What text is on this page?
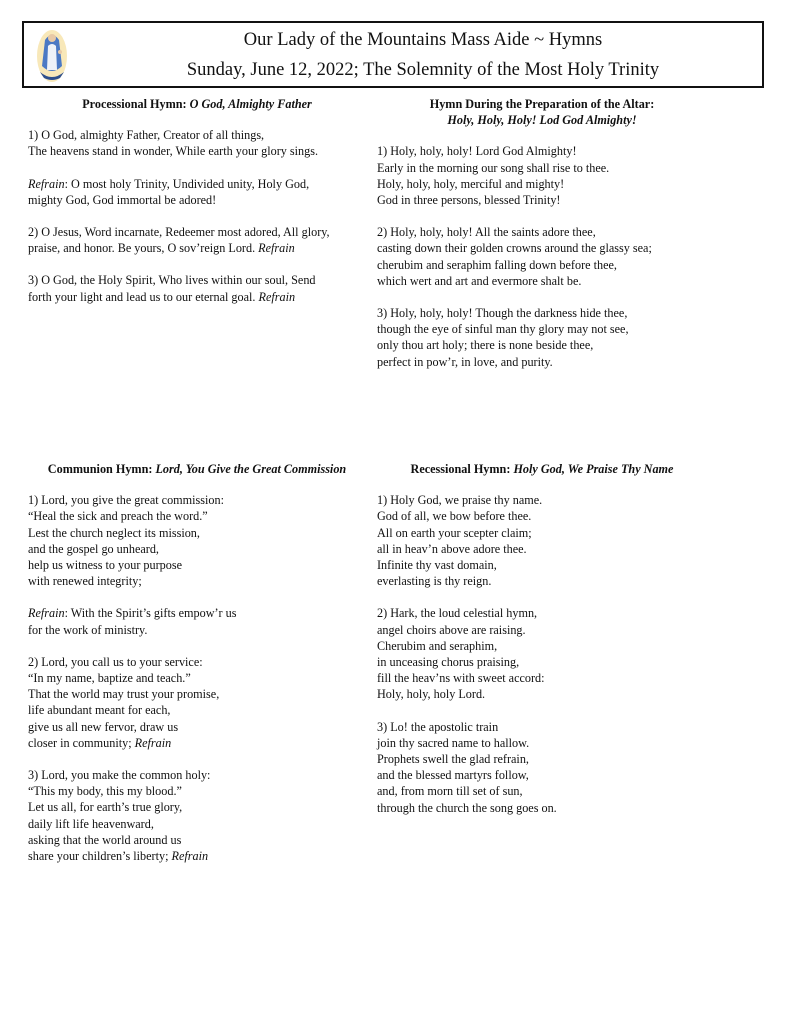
Our Lady of the Mountains Mass Aide ~ Hymns
Sunday, June 12, 2022; The Solemnity of the Most Holy Trinity
Processional Hymn: O God, Almighty Father

1) O God, almighty Father, Creator of all things,
The heavens stand in wonder, While earth your glory sings.

Refrain: O most holy Trinity, Undivided unity, Holy God,
mighty God, God immortal be adored!

2) O Jesus, Word incarnate, Redeemer most adored, All glory,
praise, and honor. Be yours, O sov’reign Lord. Refrain

3) O God, the Holy Spirit, Who lives within our soul, Send
forth your light and lead us to our eternal goal. Refrain

Hymn During the Preparation of the Altar:
Holy, Holy, Holy! Lod God Almighty!

1) Holy, holy, holy! Lord God Almighty!
Early in the morning our song shall rise to thee.
Holy, holy, holy, merciful and mighty!
God in three persons, blessed Trinity!

2) Holy, holy, holy! All the saints adore thee,
casting down their golden crowns around the glassy sea;
cherubim and seraphim falling down before thee,
which wert and art and evermore shalt be.

3) Holy, holy, holy! Though the darkness hide thee,
though the eye of sinful man thy glory may not see,
only thou art holy; there is none beside thee,
perfect in pow’r, in love, and purity.

Communion Hymn: Lord, You Give the Great Commission

1) Lord, you give the great commission:
“Heal the sick and preach the word.”
Lest the church neglect its mission,
and the gospel go unheard,
help us witness to your purpose
with renewed integrity;

Refrain: With the Spirit’s gifts empow’r us
for the work of ministry.

2) Lord, you call us to your service:
“In my name, baptize and teach.”
That the world may trust your promise,
life abundant meant for each,
give us all new fervor, draw us
closer in community; Refrain

3) Lord, you make the common holy:
“This my body, this my blood.”
Let us all, for earth’s true glory,
daily lift life heavenward,
asking that the world around us
share your children’s liberty; Refrain

Recessional Hymn: Holy God, We Praise Thy Name

1) Holy God, we praise thy name.
God of all, we bow before thee.
All on earth your scepter claim;
all in heav’n above adore thee.
Infinite thy vast domain,
everlasting is thy reign.

2) Hark, the loud celestial hymn,
angel choirs above are raising.
Cherubim and seraphim,
in unceasing chorus praising,
fill the heav’ns with sweet accord:
Holy, holy, holy Lord.

3) Lo! the apostolic train
join thy sacred name to hallow.
Prophets swell the glad refrain,
and the blessed martyrs follow,
and, from morn till set of sun,
through the church the song goes on.
